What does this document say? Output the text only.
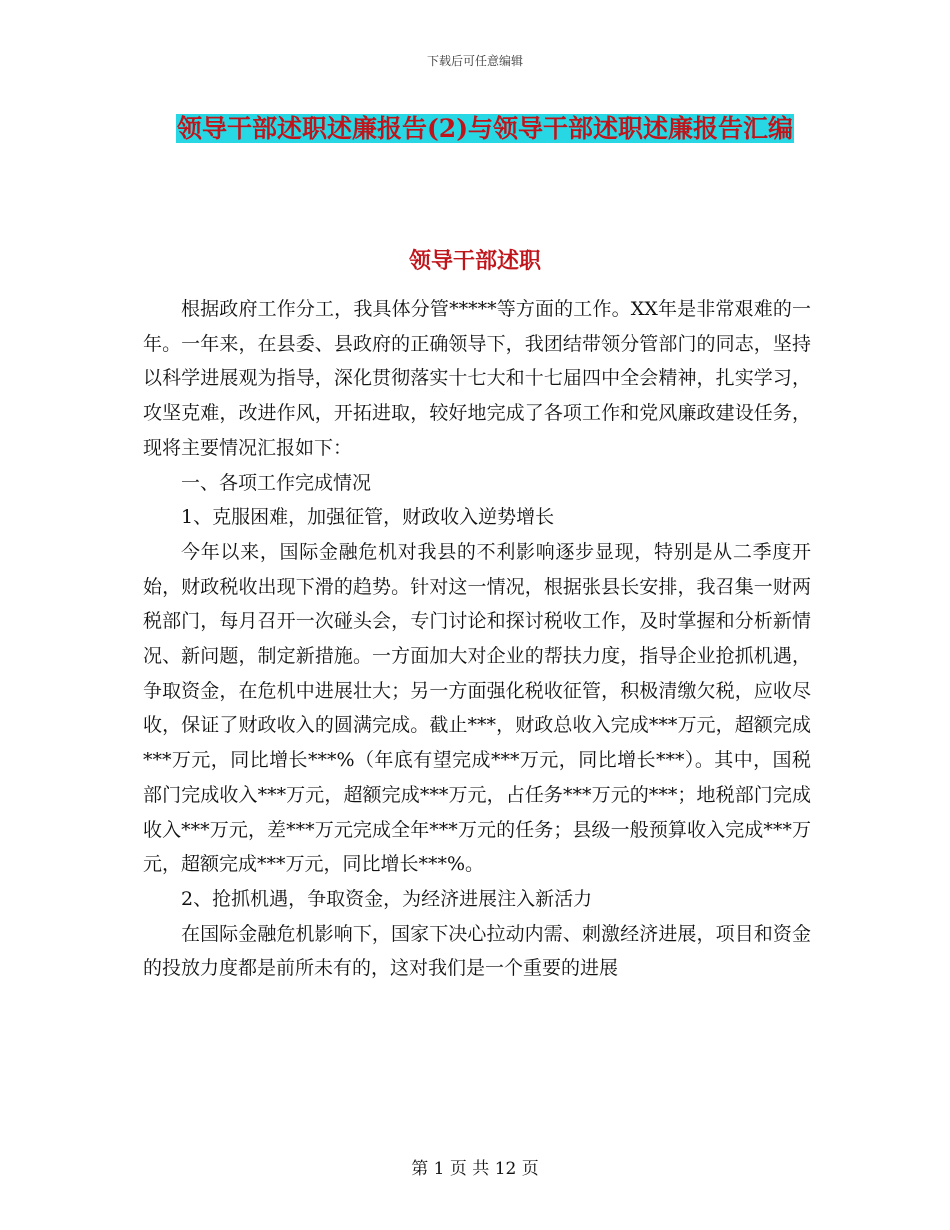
下载后可任意编辑
领导干部述职述廉报告(2)与领导干部述职述廉报告汇编
领导干部述职

根据政府工作分工，我具体分管*****等方面的工作。XX年是非常艰难的一年。一年来，在县委、县政府的正确领导下，我团结带领分管部门的同志，坚持以科学进展观为指导，深化贯彻落实十七大和十七届四中全会精神，扎实学习，攻坚克难，改进作风，开拓进取，较好地完成了各项工作和党风廉政建设任务，现将主要情况汇报如下：

一、各项工作完成情况

1、克服困难，加强征管，财政收入逆势增长

今年以来，国际金融危机对我县的不利影响逐步显现，特别是从二季度开始，财政税收出现下滑的趋势。针对这一情况，根据张县长安排，我召集一财两税部门，每月召开一次碰头会，专门讨论和探讨税收工作，及时掌握和分析新情况、新问题，制定新措施。一方面加大对企业的帮扶力度，指导企业抢抓机遇，争取资金，在危机中进展壮大；另一方面强化税收征管，积极清缴欠税，应收尽收，保证了财政收入的圆满完成。截止***，财政总收入完成***万元，超额完成***万元，同比增长***%（年底有望完成***万元，同比增长***）。其中，国税部门完成收入***万元，超额完成***万元，占任务***万元的***；地税部门完成收入***万元，差***万元完成全年***万元的任务；县级一般预算收入完成***万元，超额完成***万元，同比增长***%。

2、抢抓机遇，争取资金，为经济进展注入新活力

在国际金融危机影响下，国家下决心拉动内需、刺激经济进展，项目和资金的投放力度都是前所未有的，这对我们是一个重要的进展

第 1 页 共 12 页
